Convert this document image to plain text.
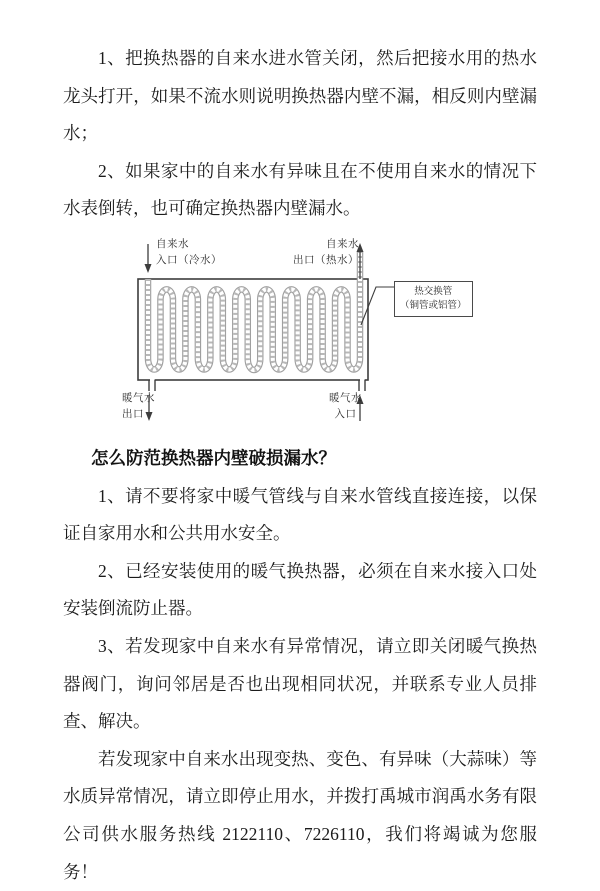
1、把换热器的自来水进水管关闭，然后把接水用的热水龙头打开，如果不流水则说明换热器内壁不漏，相反则内壁漏水；

2、如果家中的自来水有异味且在不使用自来水的情况下水表倒转，也可确定换热器内壁漏水。

自来水
入口（冷水）
自来水
出口（热水）
热交换管
（铜管或铝管）
暖气水
出口
暖气水
入口
怎么防范换热器内壁破损漏水？

1、请不要将家中暖气管线与自来水管线直接连接，以保证自家用水和公共用水安全。

2、已经安装使用的暖气换热器，必须在自来水接入口处安装倒流防止器。

3、若发现家中自来水有异常情况，请立即关闭暖气换热器阀门，询问邻居是否也出现相同状况，并联系专业人员排查、解决。

若发现家中自来水出现变热、变色、有异味（大蒜味）等水质异常情况，请立即停止用水，并拨打禹城市润禹水务有限公司供水服务热线 2122110、7226110，我们将竭诚为您服务！
